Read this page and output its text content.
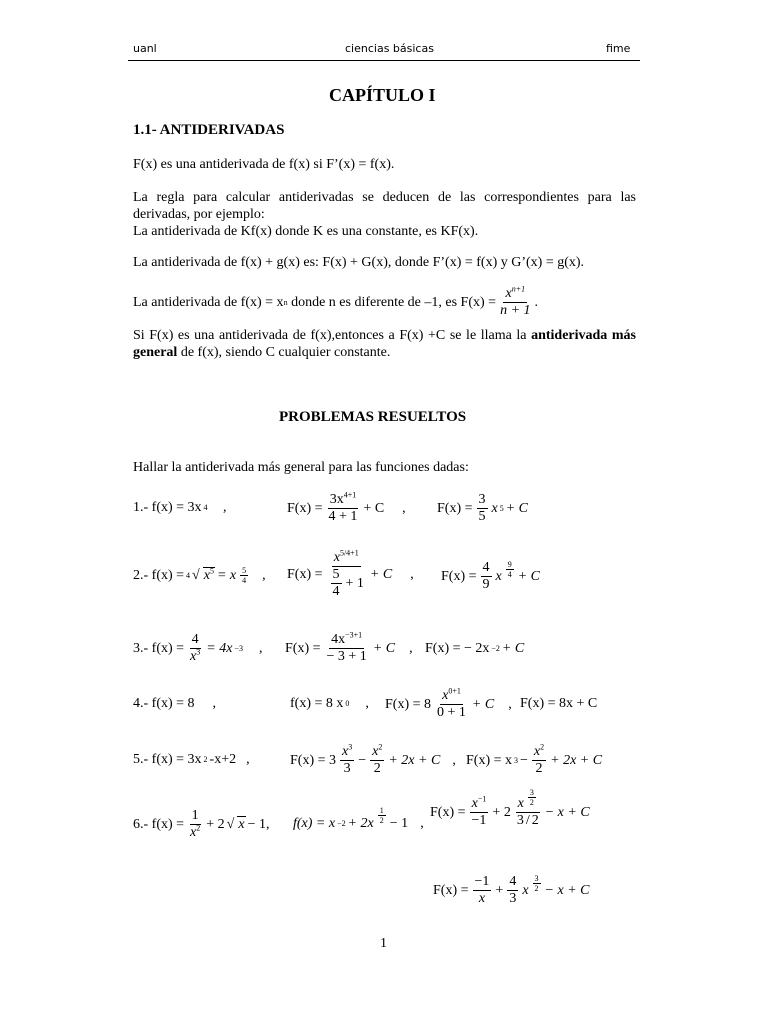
uanl	ciencias básicas	fime
CAPÍTULO I
1.1- ANTIDERIVADAS
F(x) es una antiderivada de f(x) si F’(x) = f(x).
La regla para calcular antiderivadas se deducen de las correspondientes para las
derivadas, por ejemplo:
La antiderivada de Kf(x) donde K es una constante, es KF(x).
La antiderivada de f(x) + g(x) es: F(x) + G(x), donde F’(x) = f(x) y G’(x) = g(x).
La antiderivada de f(x) = x n donde n es diferente de –1, es $F(x) = \frac{x^{n+1}}{n + 1}$ .
Si F(x) es una antiderivada de f(x),entonces a F(x) +C se le llama la antiderivada más
general de f(x), siendo C cualquier constante.
PROBLEMAS RESUELTOS
Hallar la antiderivada más general para las funciones dadas:
1.- f(x) = 3x 4 ,	$F(x) = \frac{3x^{4+1}}{4 + 1} + C$ , $F(x) = \frac{3}{5}$ x 5 + C
2.- f(x) = 4 √ $x^5 = x \frac{5}{4}$ , $F(x) = \frac{x^{5/4+1}}{\frac{5}{4} + 1} + C$ , $F(x) = \frac{4}{9}$ x $\frac{9}{4} + C$
3.- $f(x) = \frac{4}{x^3} = 4x -3$ , $F(x) = \frac{4x^{-3+1}}{- 3 + 1} + C$ , F(x) = − 2x −2 + C
4.- f(x) = 8 ,	f(x) = 8 x 0 , $F(x) = 8 \frac{x^{0+1}}{0 + 1} + C$ , F(x) = 8x + C
5.- f(x) = 3x 2 -x+2 ,	$F(x) = 3 \frac{x^3}{3} - \frac{x^2}{2} + 2x + C$ , F(x) = x $3 - \frac{x^2}{2} + 2x + C$
6.- $f(x) = \frac{1}{x^2} + 2$ √ x − 1, $f(x) = x -2 + 2x \frac{1}{2} - 1$ ,
$F(x) = \frac{x^{-1}}{-1} + 2 \frac{x \frac{3}{2}}{3 / 2} - x + C$
$F(x) = \frac{-1}{x} + \frac{4}{3}$ x $\frac{3}{2} - x + C$
1
